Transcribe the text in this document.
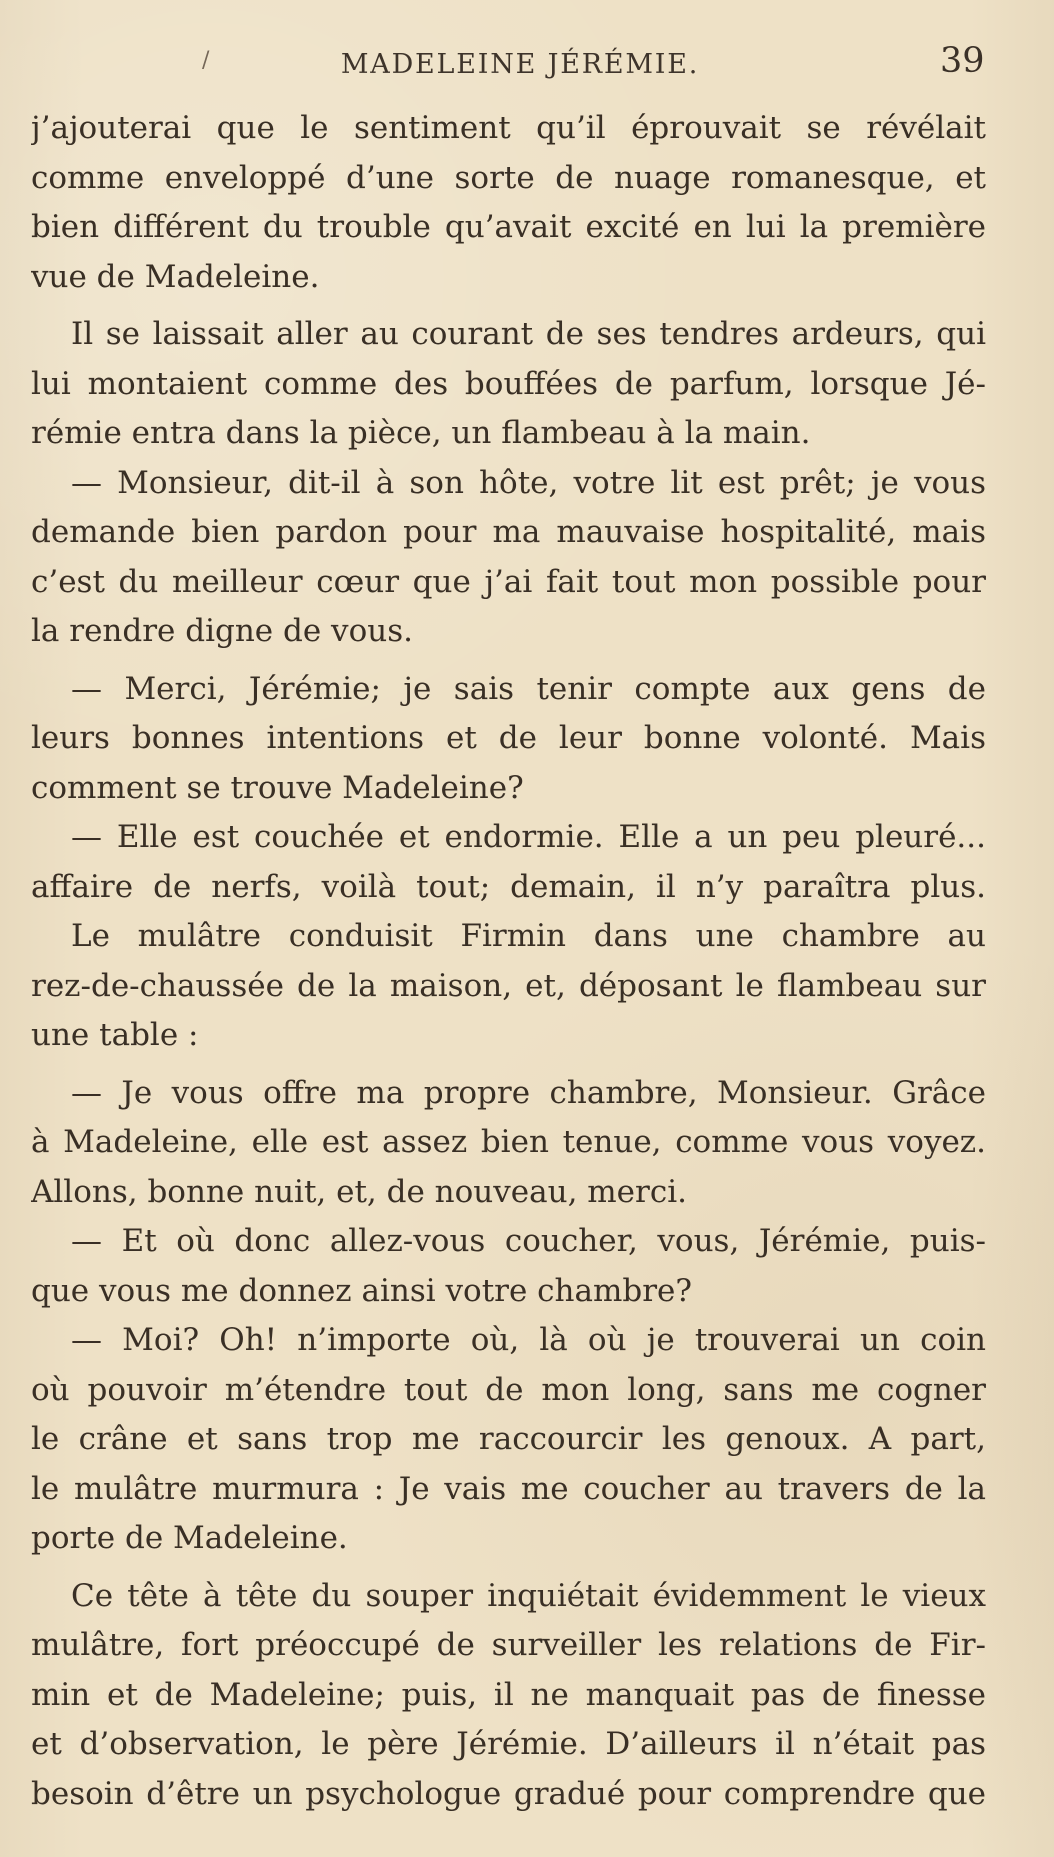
/	MADELEINE JÉRÉMIE.	39
j’ajouterai que le sentiment qu’il éprouvait se révélait
comme enveloppé d’une sorte de nuage romanesque, et
bien différent du trouble qu’avait excité en lui la première
vue de Madeleine.
Il se laissait aller au courant de ses tendres ardeurs, qui
lui montaient comme des bouffées de parfum, lorsque Jé-
rémie entra dans la pièce, un flambeau à la main.
— Monsieur, dit-il à son hôte, votre lit est prêt; je vous
demande bien pardon pour ma mauvaise hospitalité, mais
c’est du meilleur cœur que j’ai fait tout mon possible pour
la rendre digne de vous.
— Merci, Jérémie; je sais tenir compte aux gens de
leurs bonnes intentions et de leur bonne volonté. Mais
comment se trouve Madeleine?
— Elle est couchée et endormie. Elle a un peu pleuré...
affaire de nerfs, voilà tout; demain, il n’y paraîtra plus.
Le mulâtre conduisit Firmin dans une chambre au
rez-de-chaussée de la maison, et, déposant le flambeau sur
une table :
— Je vous offre ma propre chambre, Monsieur. Grâce
à Madeleine, elle est assez bien tenue, comme vous voyez.
Allons, bonne nuit, et, de nouveau, merci.
— Et où donc allez-vous coucher, vous, Jérémie, puis-
que vous me donnez ainsi votre chambre?
— Moi? Oh! n’importe où, là où je trouverai un coin
où pouvoir m’étendre tout de mon long, sans me cogner
le crâne et sans trop me raccourcir les genoux. A part,
le mulâtre murmura : Je vais me coucher au travers de la
porte de Madeleine.
Ce tête à tête du souper inquiétait évidemment le vieux
mulâtre, fort préoccupé de surveiller les relations de Fir-
min et de Madeleine; puis, il ne manquait pas de finesse
et d’observation, le père Jérémie. D’ailleurs il n’était pas
besoin d’être un psychologue gradué pour comprendre que
